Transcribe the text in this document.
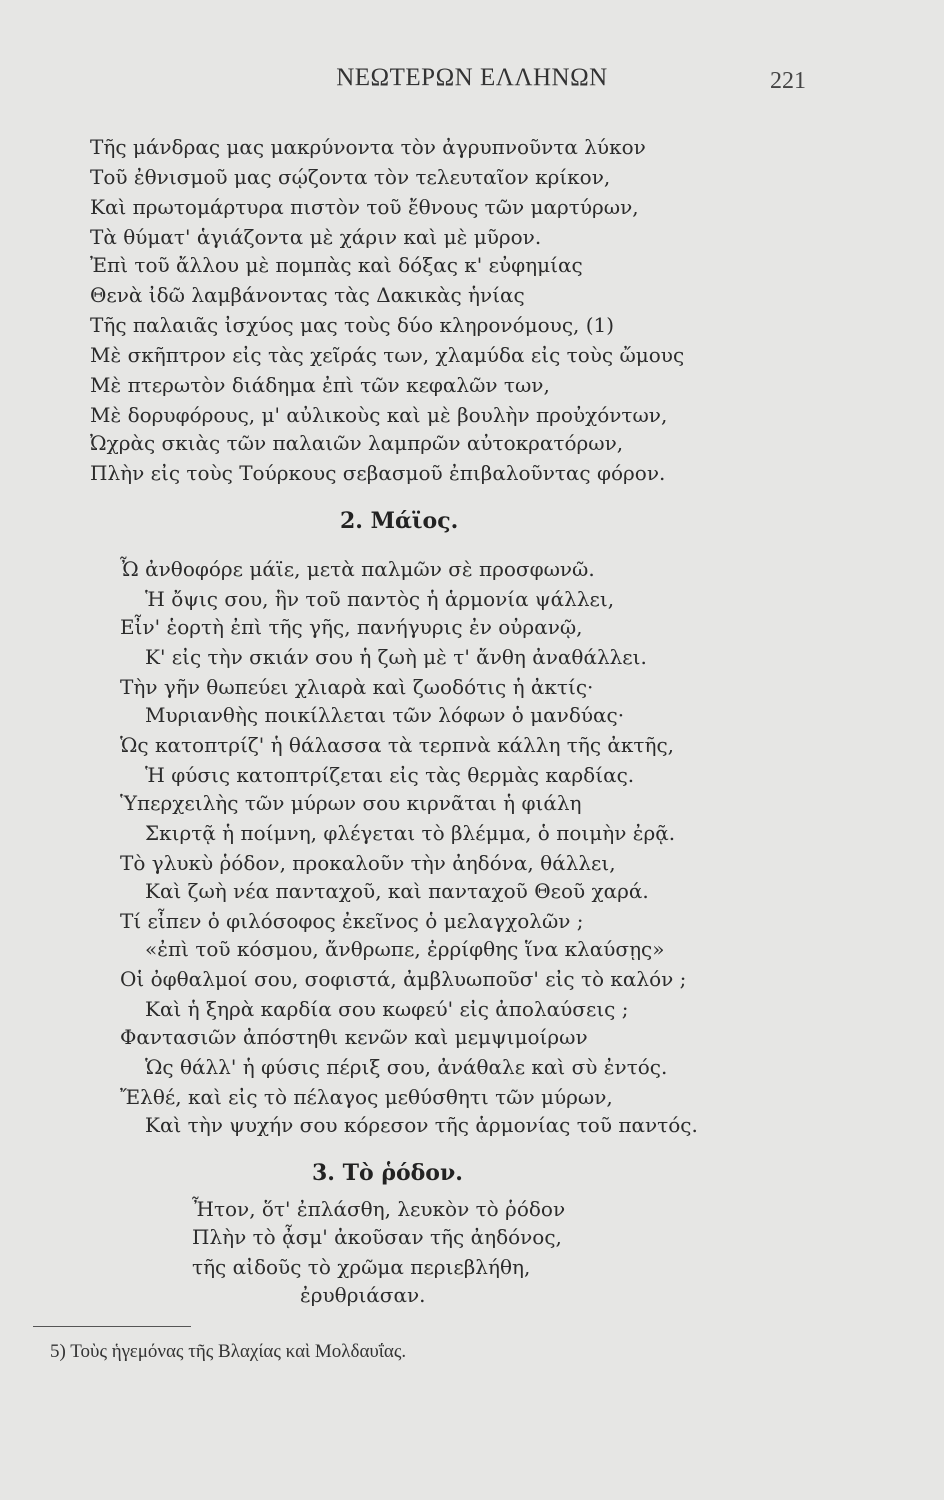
ΝΕΩΤΕΡΩΝ ΕΛΛΗΝΩΝ	221
Τῆς μάνδρας μας μακρύνοντα τὸν ἀγρυπνοῦντα λύκον
Τοῦ ἐθνισμοῦ μας σῴζοντα τὸν τελευταῖον κρίκον,
Καὶ πρωτομάρτυρα πιστὸν τοῦ ἔθνους τῶν μαρτύρων,
Τὰ θύματ' ἁγιάζοντα μὲ χάριν καὶ μὲ μῦρον.
Ἐπὶ τοῦ ἄλλου μὲ πομπὰς καὶ δόξας κ' εὐφημίας
Θενὰ ἰδῶ λαμβάνοντας τὰς Δακικὰς ἡνίας
Τῆς παλαιᾶς ἰσχύος μας τοὺς δύο κληρονόμους, (1)
Μὲ σκῆπτρον εἰς τὰς χεῖράς των, χλαμύδα εἰς τοὺς ὤμους
Μὲ πτερωτὸν διάδημα ἐπὶ τῶν κεφαλῶν των,
Μὲ δορυφόρους, μ' αὐλικοὺς καὶ μὲ βουλὴν προὐχόντων,
Ὠχρὰς σκιὰς τῶν παλαιῶν λαμπρῶν αὐτοκρατόρων,
Πλὴν εἰς τοὺς Τούρκους σεβασμοῦ ἐπιβαλοῦντας φόρον.
2. Μάϊος.
Ὦ ἀνθοφόρε μάϊε, μετὰ παλμῶν σὲ προσφωνῶ.
Ἡ ὄψις σου, ἣν τοῦ παντὸς ἡ ἁρμονία ψάλλει,
Εἶν' ἑορτὴ ἐπὶ τῆς γῆς, πανήγυρις ἐν οὐρανῷ,
Κ' εἰς τὴν σκιάν σου ἡ ζωὴ μὲ τ' ἄνθη ἀναθάλλει.
Τὴν γῆν θωπεύει χλιαρὰ καὶ ζωοδότις ἡ ἀκτίς·
Μυριανθὴς ποικίλλεται τῶν λόφων ὁ μανδύας·
Ὡς κατοπτρίζ' ἡ θάλασσα τὰ τερπνὰ κάλλη τῆς ἀκτῆς,
Ἡ φύσις κατοπτρίζεται εἰς τὰς θερμὰς καρδίας.
Ὑπερχειλὴς τῶν μύρων σου κιρνᾶται ἡ φιάλη
Σκιρτᾷ ἡ ποίμνη, φλέγεται τὸ βλέμμα, ὁ ποιμὴν ἐρᾷ.
Τὸ γλυκὺ ῥόδον, προκαλοῦν τὴν ἀηδόνα, θάλλει,
Καὶ ζωὴ νέα πανταχοῦ, καὶ πανταχοῦ Θεοῦ χαρά.
Τί εἶπεν ὁ φιλόσοφος ἐκεῖνος ὁ μελαγχολῶν ;
«ἐπὶ τοῦ κόσμου, ἄνθρωπε, ἐρρίφθης ἵνα κλαύσῃς»
Οἱ ὀφθαλμοί σου, σοφιστά, ἀμβλυωποῦσ' εἰς τὸ καλόν ;
Καὶ ἡ ξηρὰ καρδία σου κωφεύ' εἰς ἀπολαύσεις ;
Φαντασιῶν ἀπόστηθι κενῶν καὶ μεμψιμοίρων
Ὡς θάλλ' ἡ φύσις πέριξ σου, ἀνάθαλε καὶ σὺ ἐντός.
Ἔλθέ, καὶ εἰς τὸ πέλαγος μεθύσθητι τῶν μύρων,
Καὶ τὴν ψυχήν σου κόρεσον τῆς ἁρμονίας τοῦ παντός.
3. Τὸ ῥόδον.
Ἦτον, ὅτ' ἐπλάσθη, λευκὸν τὸ ῥόδον
Πλὴν τὸ ᾆσμ' ἀκοῦσαν τῆς ἀηδόνος,
τῆς αἰδοῦς τὸ χρῶμα περιεβλήθη,
ἐρυθριάσαν.
5) Τοὺς ἡγεμόνας τῆς Βλαχίας καὶ Μολδαυΐας.
